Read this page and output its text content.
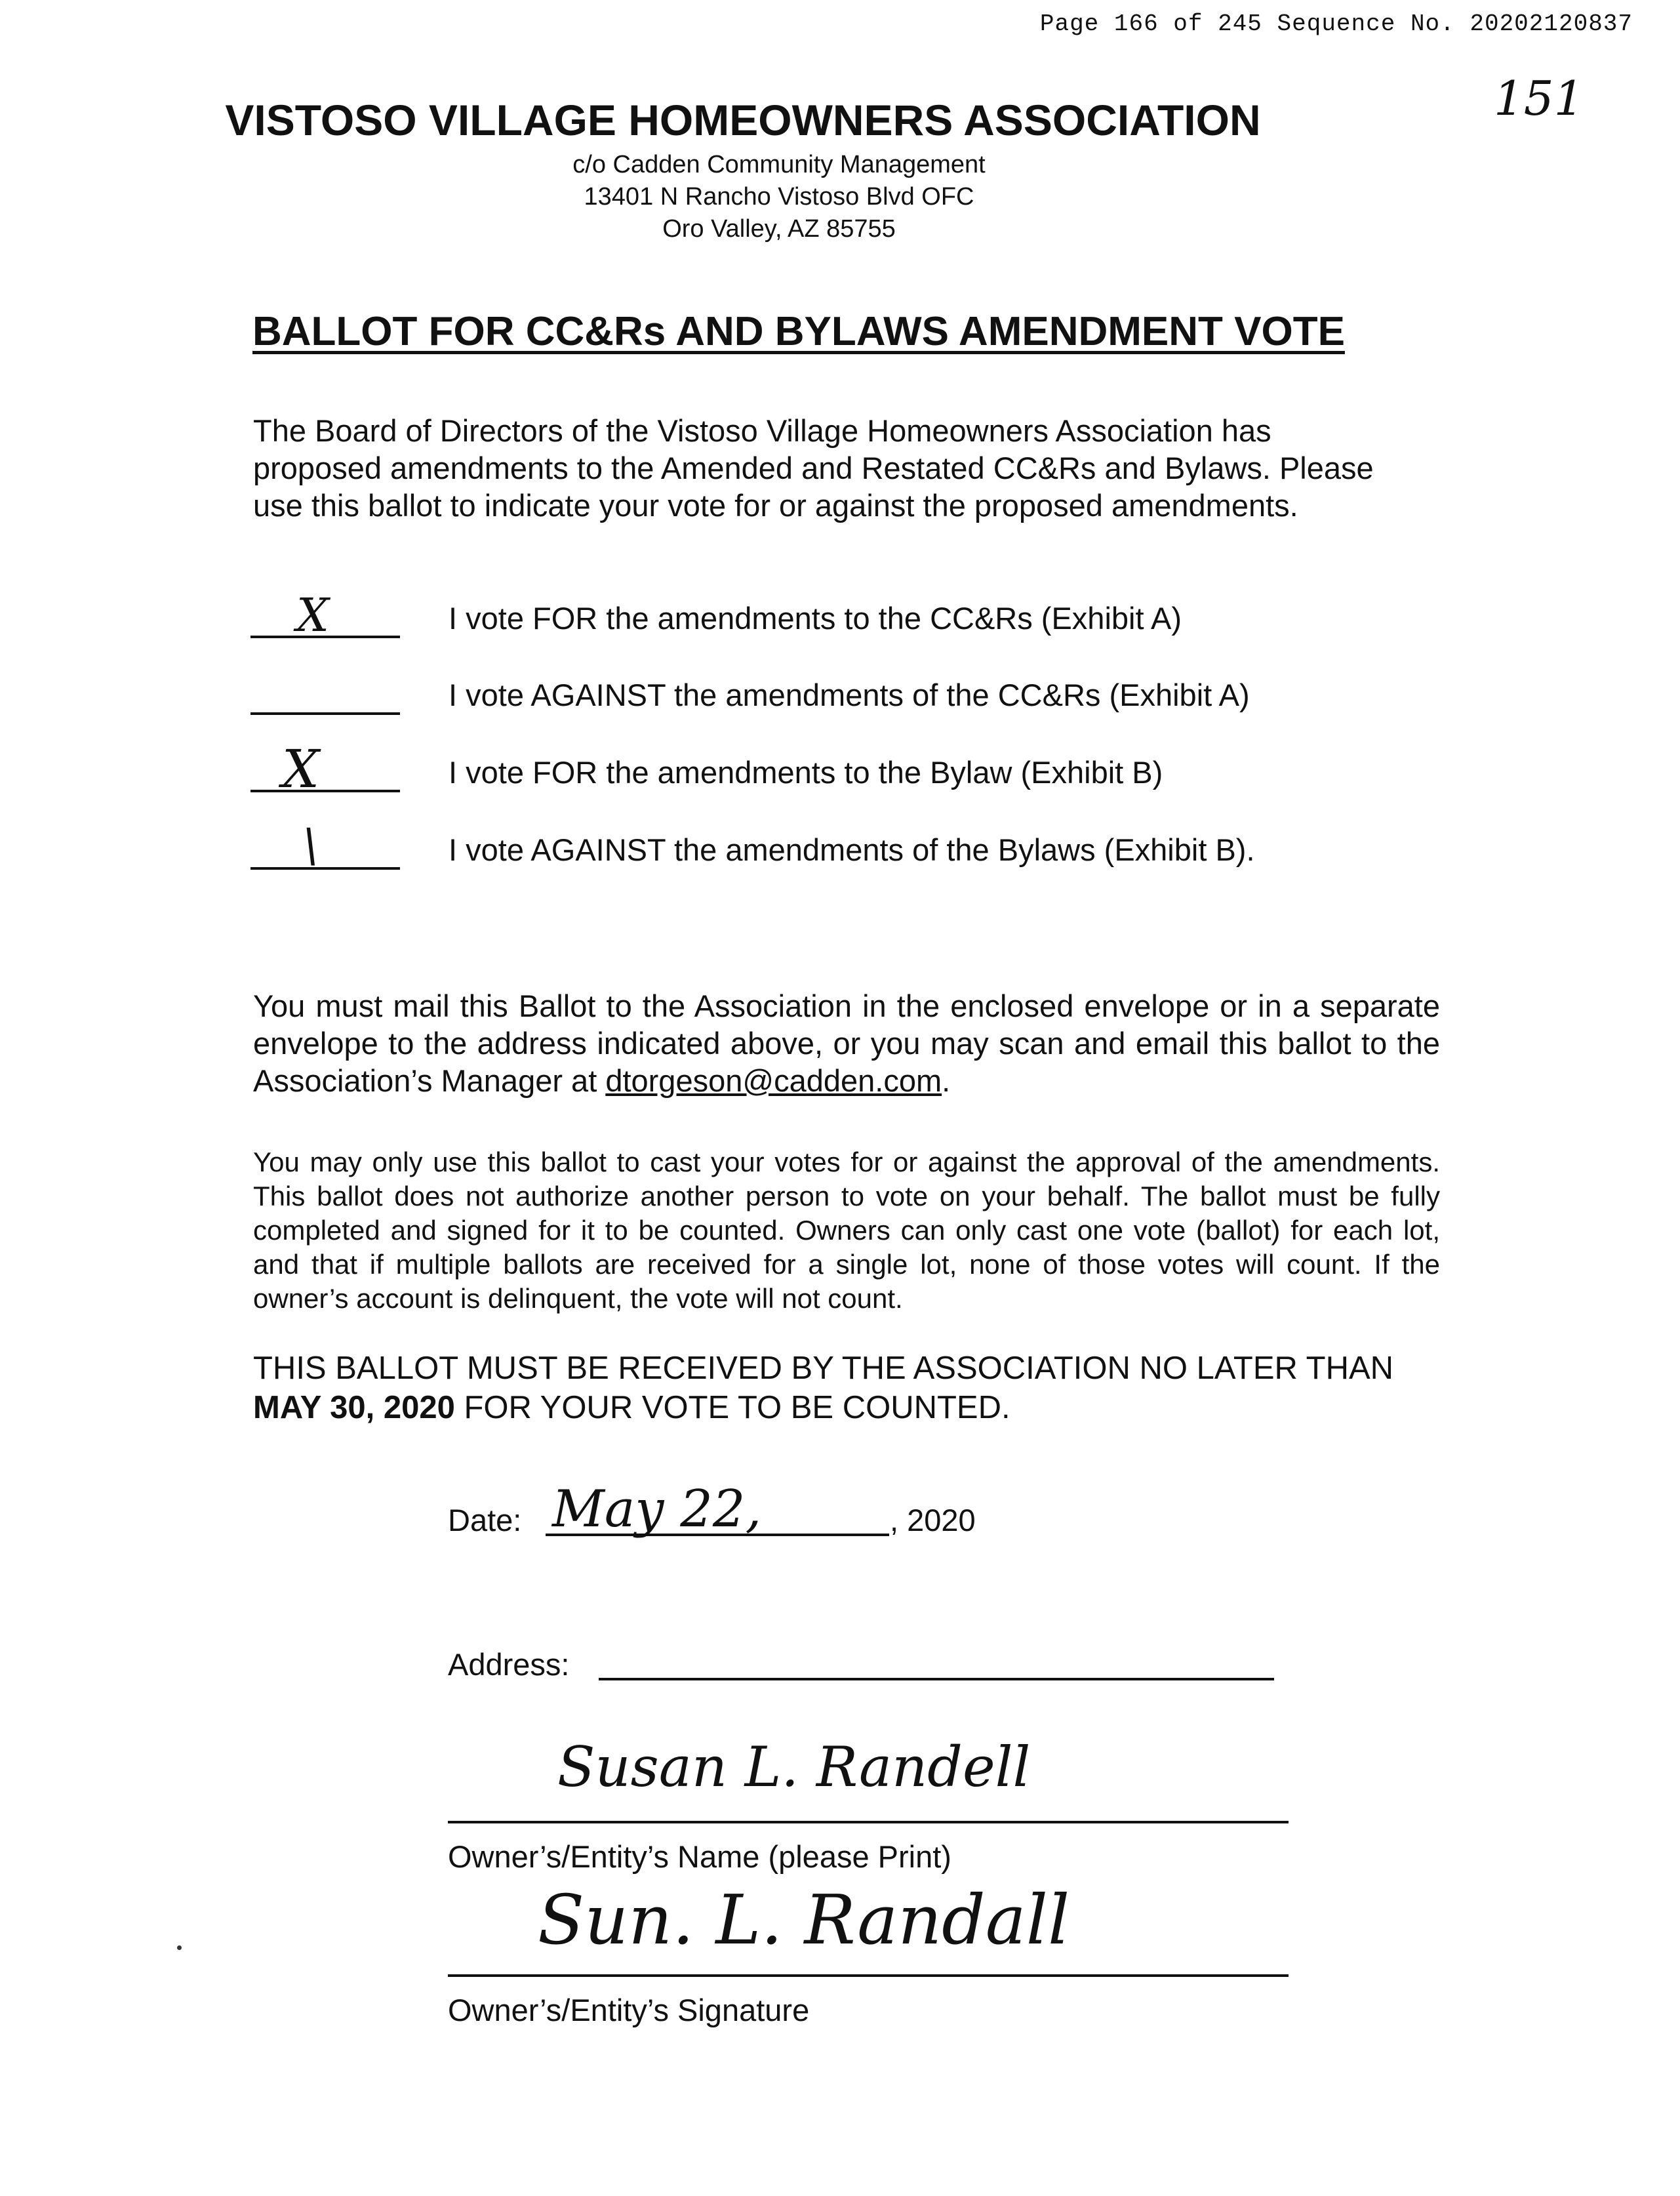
Page 166 of 245 Sequence No. 20202120837
151
VISTOSO VILLAGE HOMEOWNERS ASSOCIATION
c/o Cadden Community Management
13401 N Rancho Vistoso Blvd OFC
Oro Valley, AZ 85755
BALLOT FOR CC&Rs AND BYLAWS AMENDMENT VOTE
The Board of Directors of the Vistoso Village Homeowners Association has proposed amendments to the Amended and Restated CC&Rs and Bylaws. Please use this ballot to indicate your vote for or against the proposed amendments.
X	I vote FOR the amendments to the CC&Rs (Exhibit A)
I vote AGAINST the amendments of the CC&Rs (Exhibit A)
X	I vote FOR the amendments to the Bylaw (Exhibit B)
\	I vote AGAINST the amendments of the Bylaws (Exhibit B).
You must mail this Ballot to the Association in the enclosed envelope or in a separate envelope to the address indicated above, or you may scan and email this ballot to the Association’s Manager at dtorgeson@cadden.com.
You may only use this ballot to cast your votes for or against the approval of the amendments. This ballot does not authorize another person to vote on your behalf. The ballot must be fully completed and signed for it to be counted. Owners can only cast one vote (ballot) for each lot, and that if multiple ballots are received for a single lot, none of those votes will count. If the owner’s account is delinquent, the vote will not count.
THIS BALLOT MUST BE RECEIVED BY THE ASSOCIATION NO LATER THAN
MAY 30, 2020 FOR YOUR VOTE TO BE COUNTED.
Date: May 22,	, 2020
Address:
Susan L. Randell
Owner’s/Entity’s Name (please Print)
Sun. L. Randall
Owner’s/Entity’s Signature
